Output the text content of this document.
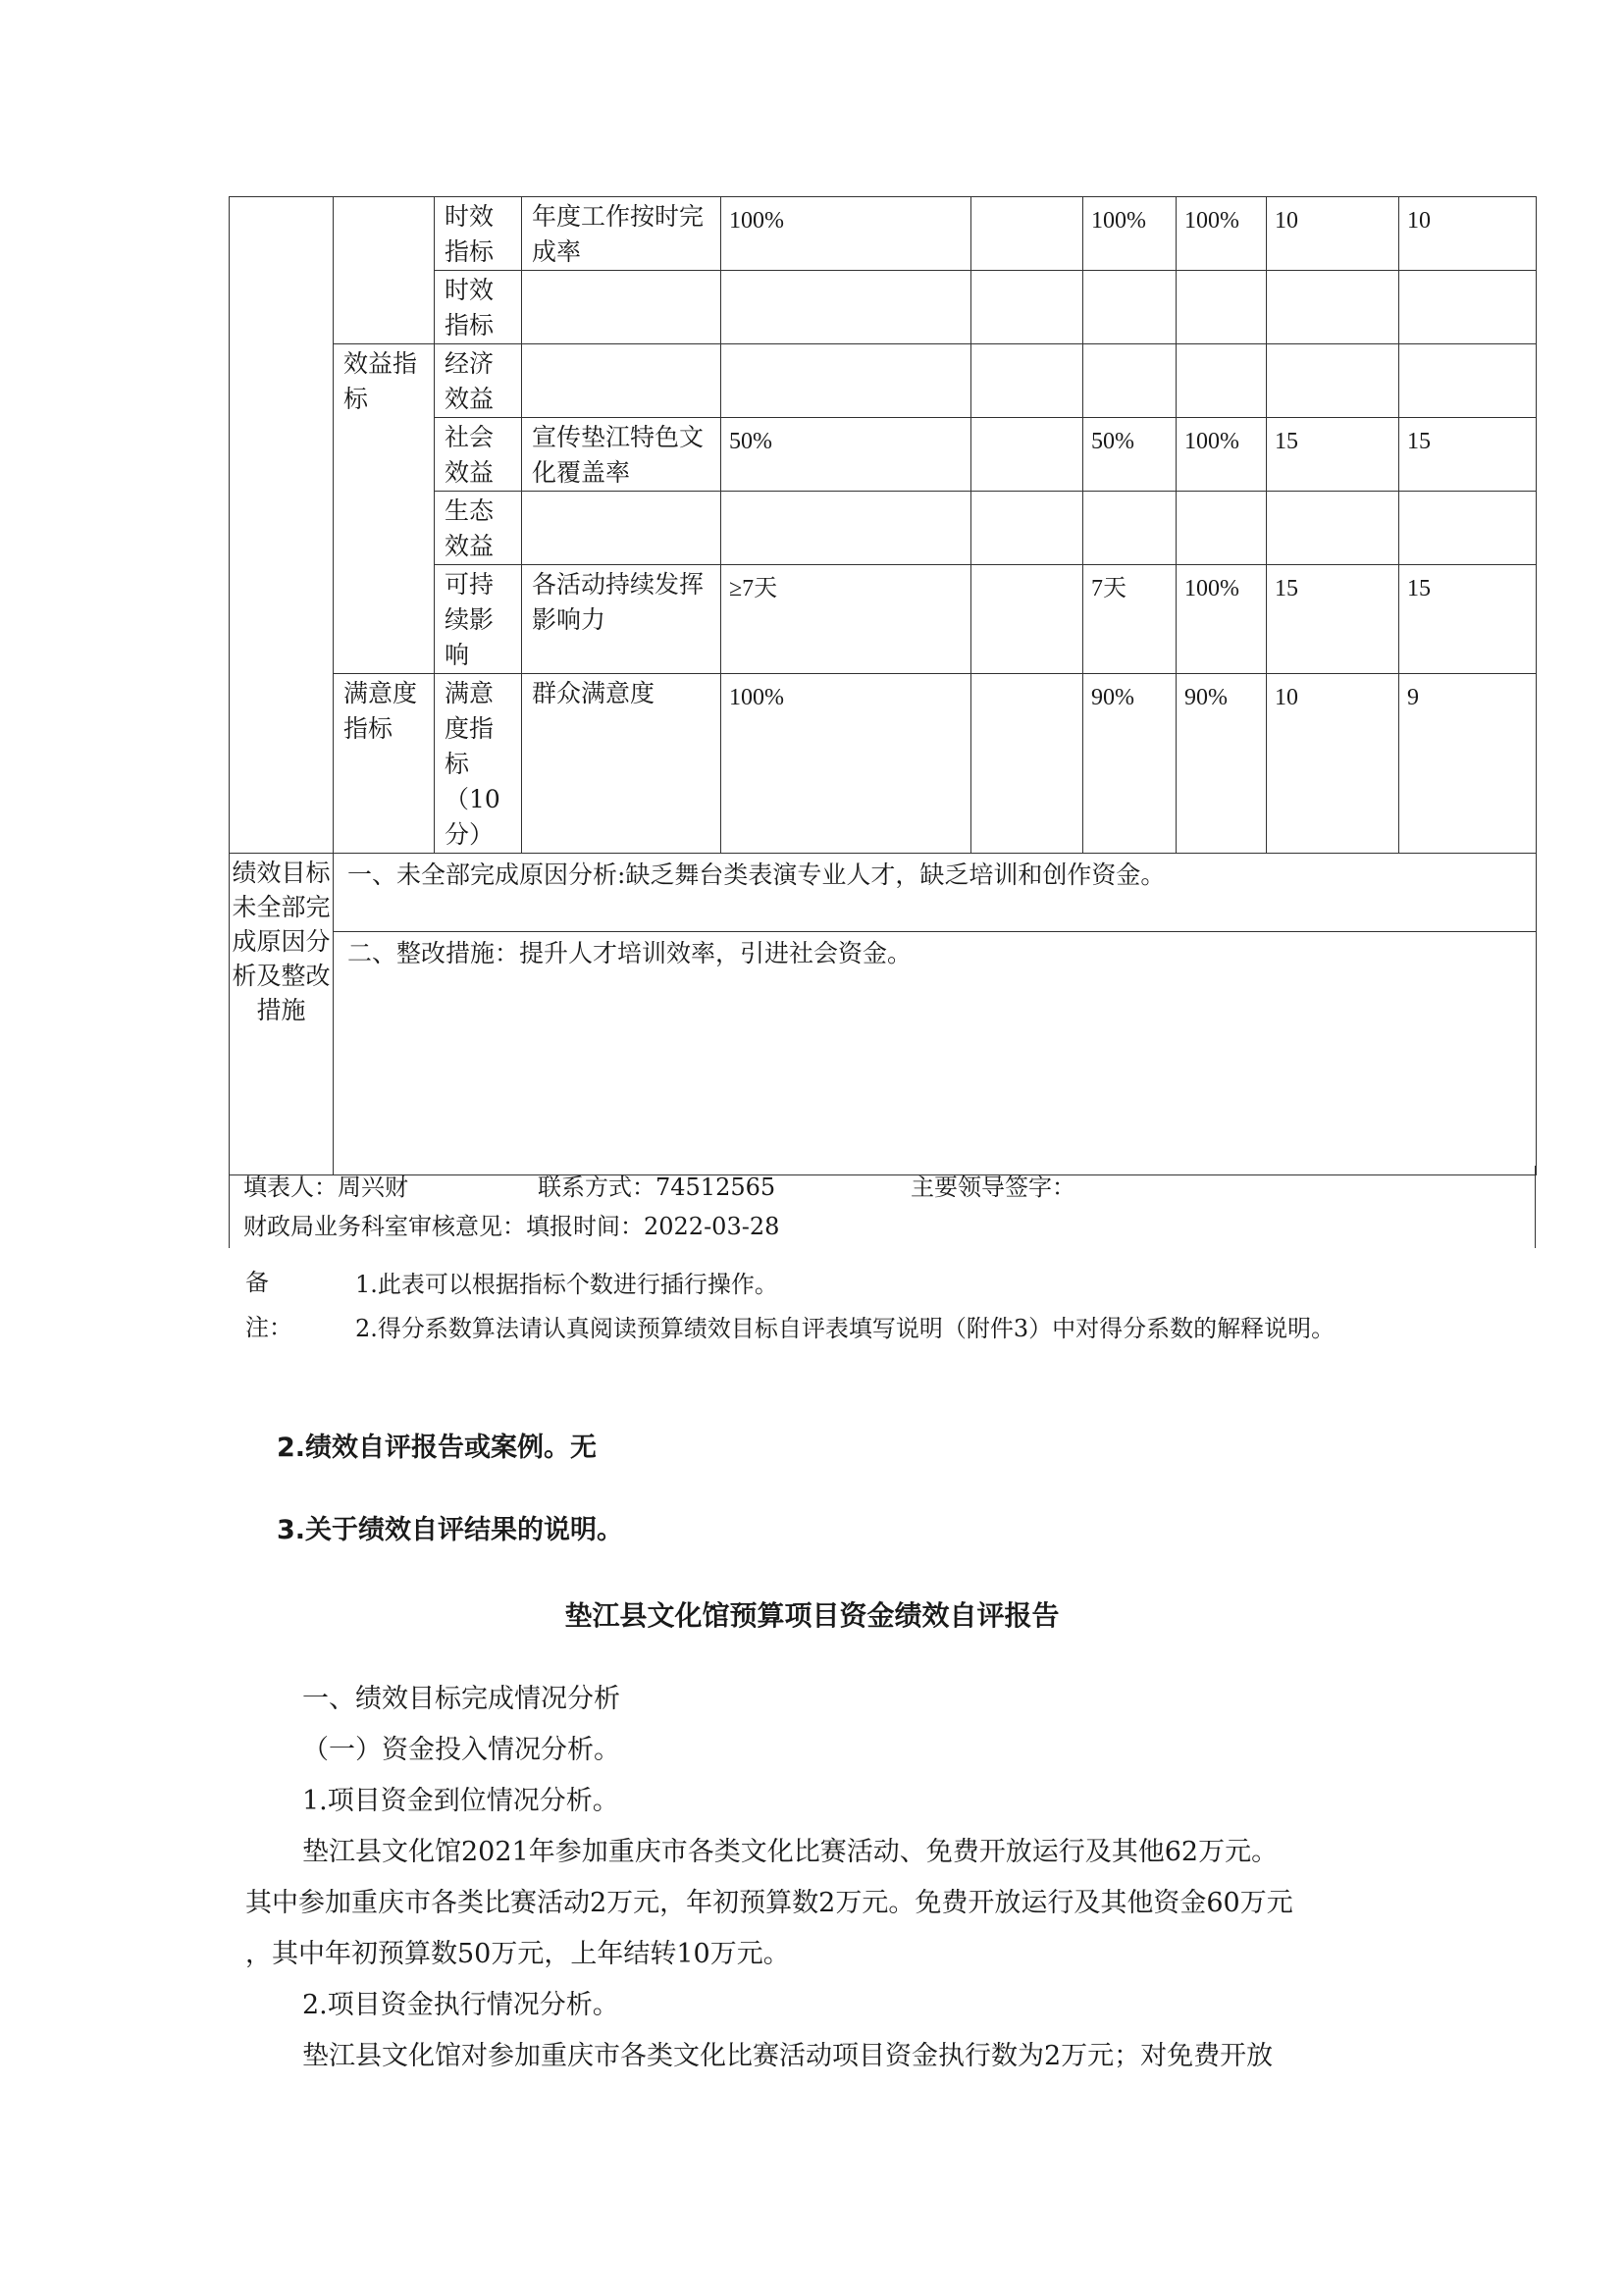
		时效指标	年度工作按时完成率	100%		100%	100%	10	10
		时效指标							
	效益指标	经济效益							
		社会效益	宣传垫江特色文化覆盖率	50%		50%	100%	15	15
		生态效益							
		可持续影响	各活动持续发挥影响力	≥7天		7天	100%	15	15
	满意度指标	满意度指标（10分）	群众满意度	100%		90%	90%	10	9
绩效目标未全部完成原因分析及整改措施	一、未全部完成原因分析:缺乏舞台类表演专业人才，缺乏培训和创作资金。								
	二、整改措施：提升人才培训效率，引进社会资金。								
填表人：周兴财	联系方式：74512565	主要领导签字：
财政局业务科室审核意见：填报时间：2022-03-28
备注：
1.此表可以根据指标个数进行插行操作。
2.得分系数算法请认真阅读预算绩效目标自评表填写说明（附件3）中对得分系数的解释说明。
2.绩效自评报告或案例。无
3.关于绩效自评结果的说明。
垫江县文化馆预算项目资金绩效自评报告
一、绩效目标完成情况分析
（一）资金投入情况分析。
1.项目资金到位情况分析。
垫江县文化馆2021年参加重庆市各类文化比赛活动、免费开放运行及其他62万元。
其中参加重庆市各类比赛活动2万元，年初预算数2万元。免费开放运行及其他资金60万元
，其中年初预算数50万元，上年结转10万元。
2.项目资金执行情况分析。
垫江县文化馆对参加重庆市各类文化比赛活动项目资金执行数为2万元；对免费开放
